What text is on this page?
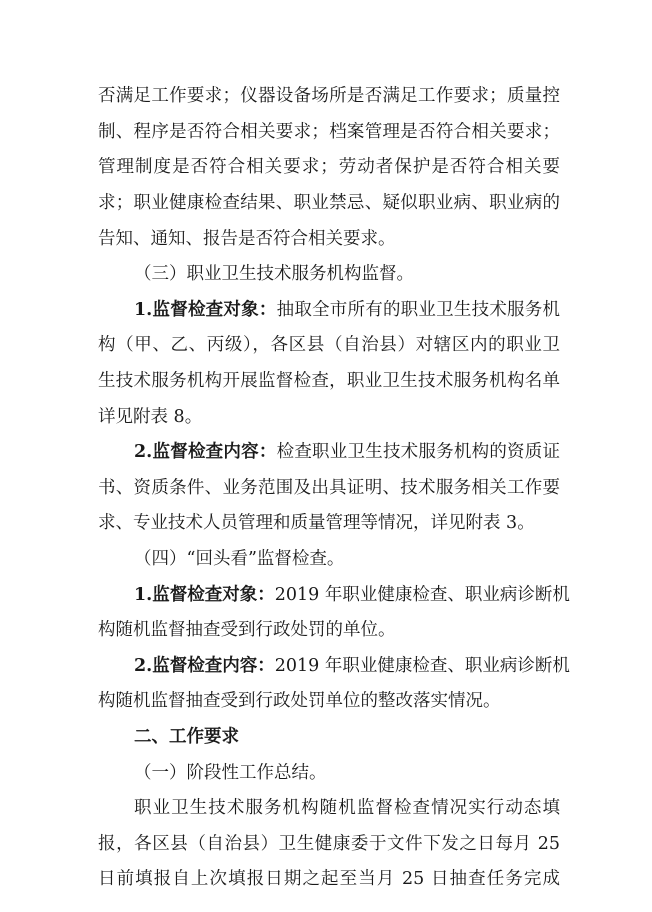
否满足工作要求；仪器设备场所是否满足工作要求；质量控
制、程序是否符合相关要求；档案管理是否符合相关要求；
管理制度是否符合相关要求；劳动者保护是否符合相关要
求；职业健康检查结果、职业禁忌、疑似职业病、职业病的
告知、通知、报告是否符合相关要求。
（三）职业卫生技术服务机构监督。
1.监督检查对象：抽取全市所有的职业卫生技术服务机
构（甲、乙、丙级），各区县（自治县）对辖区内的职业卫
生技术服务机构开展监督检查，职业卫生技术服务机构名单
详见附表 8。
2.监督检查内容：检查职业卫生技术服务机构的资质证
书、资质条件、业务范围及出具证明、技术服务相关工作要
求、专业技术人员管理和质量管理等情况，详见附表 3。
（四）“回头看”监督检查。
1.监督检查对象：2019 年职业健康检查、职业病诊断机
构随机监督抽查受到行政处罚的单位。
2.监督检查内容：2019 年职业健康检查、职业病诊断机
构随机监督抽查受到行政处罚单位的整改落实情况。
二、工作要求
（一）阶段性工作总结。
职业卫生技术服务机构随机监督检查情况实行动态填
报，各区县（自治县）卫生健康委于文件下发之日每月 25
日前填报自上次填报日期之起至当月 25 日抽查任务完成
